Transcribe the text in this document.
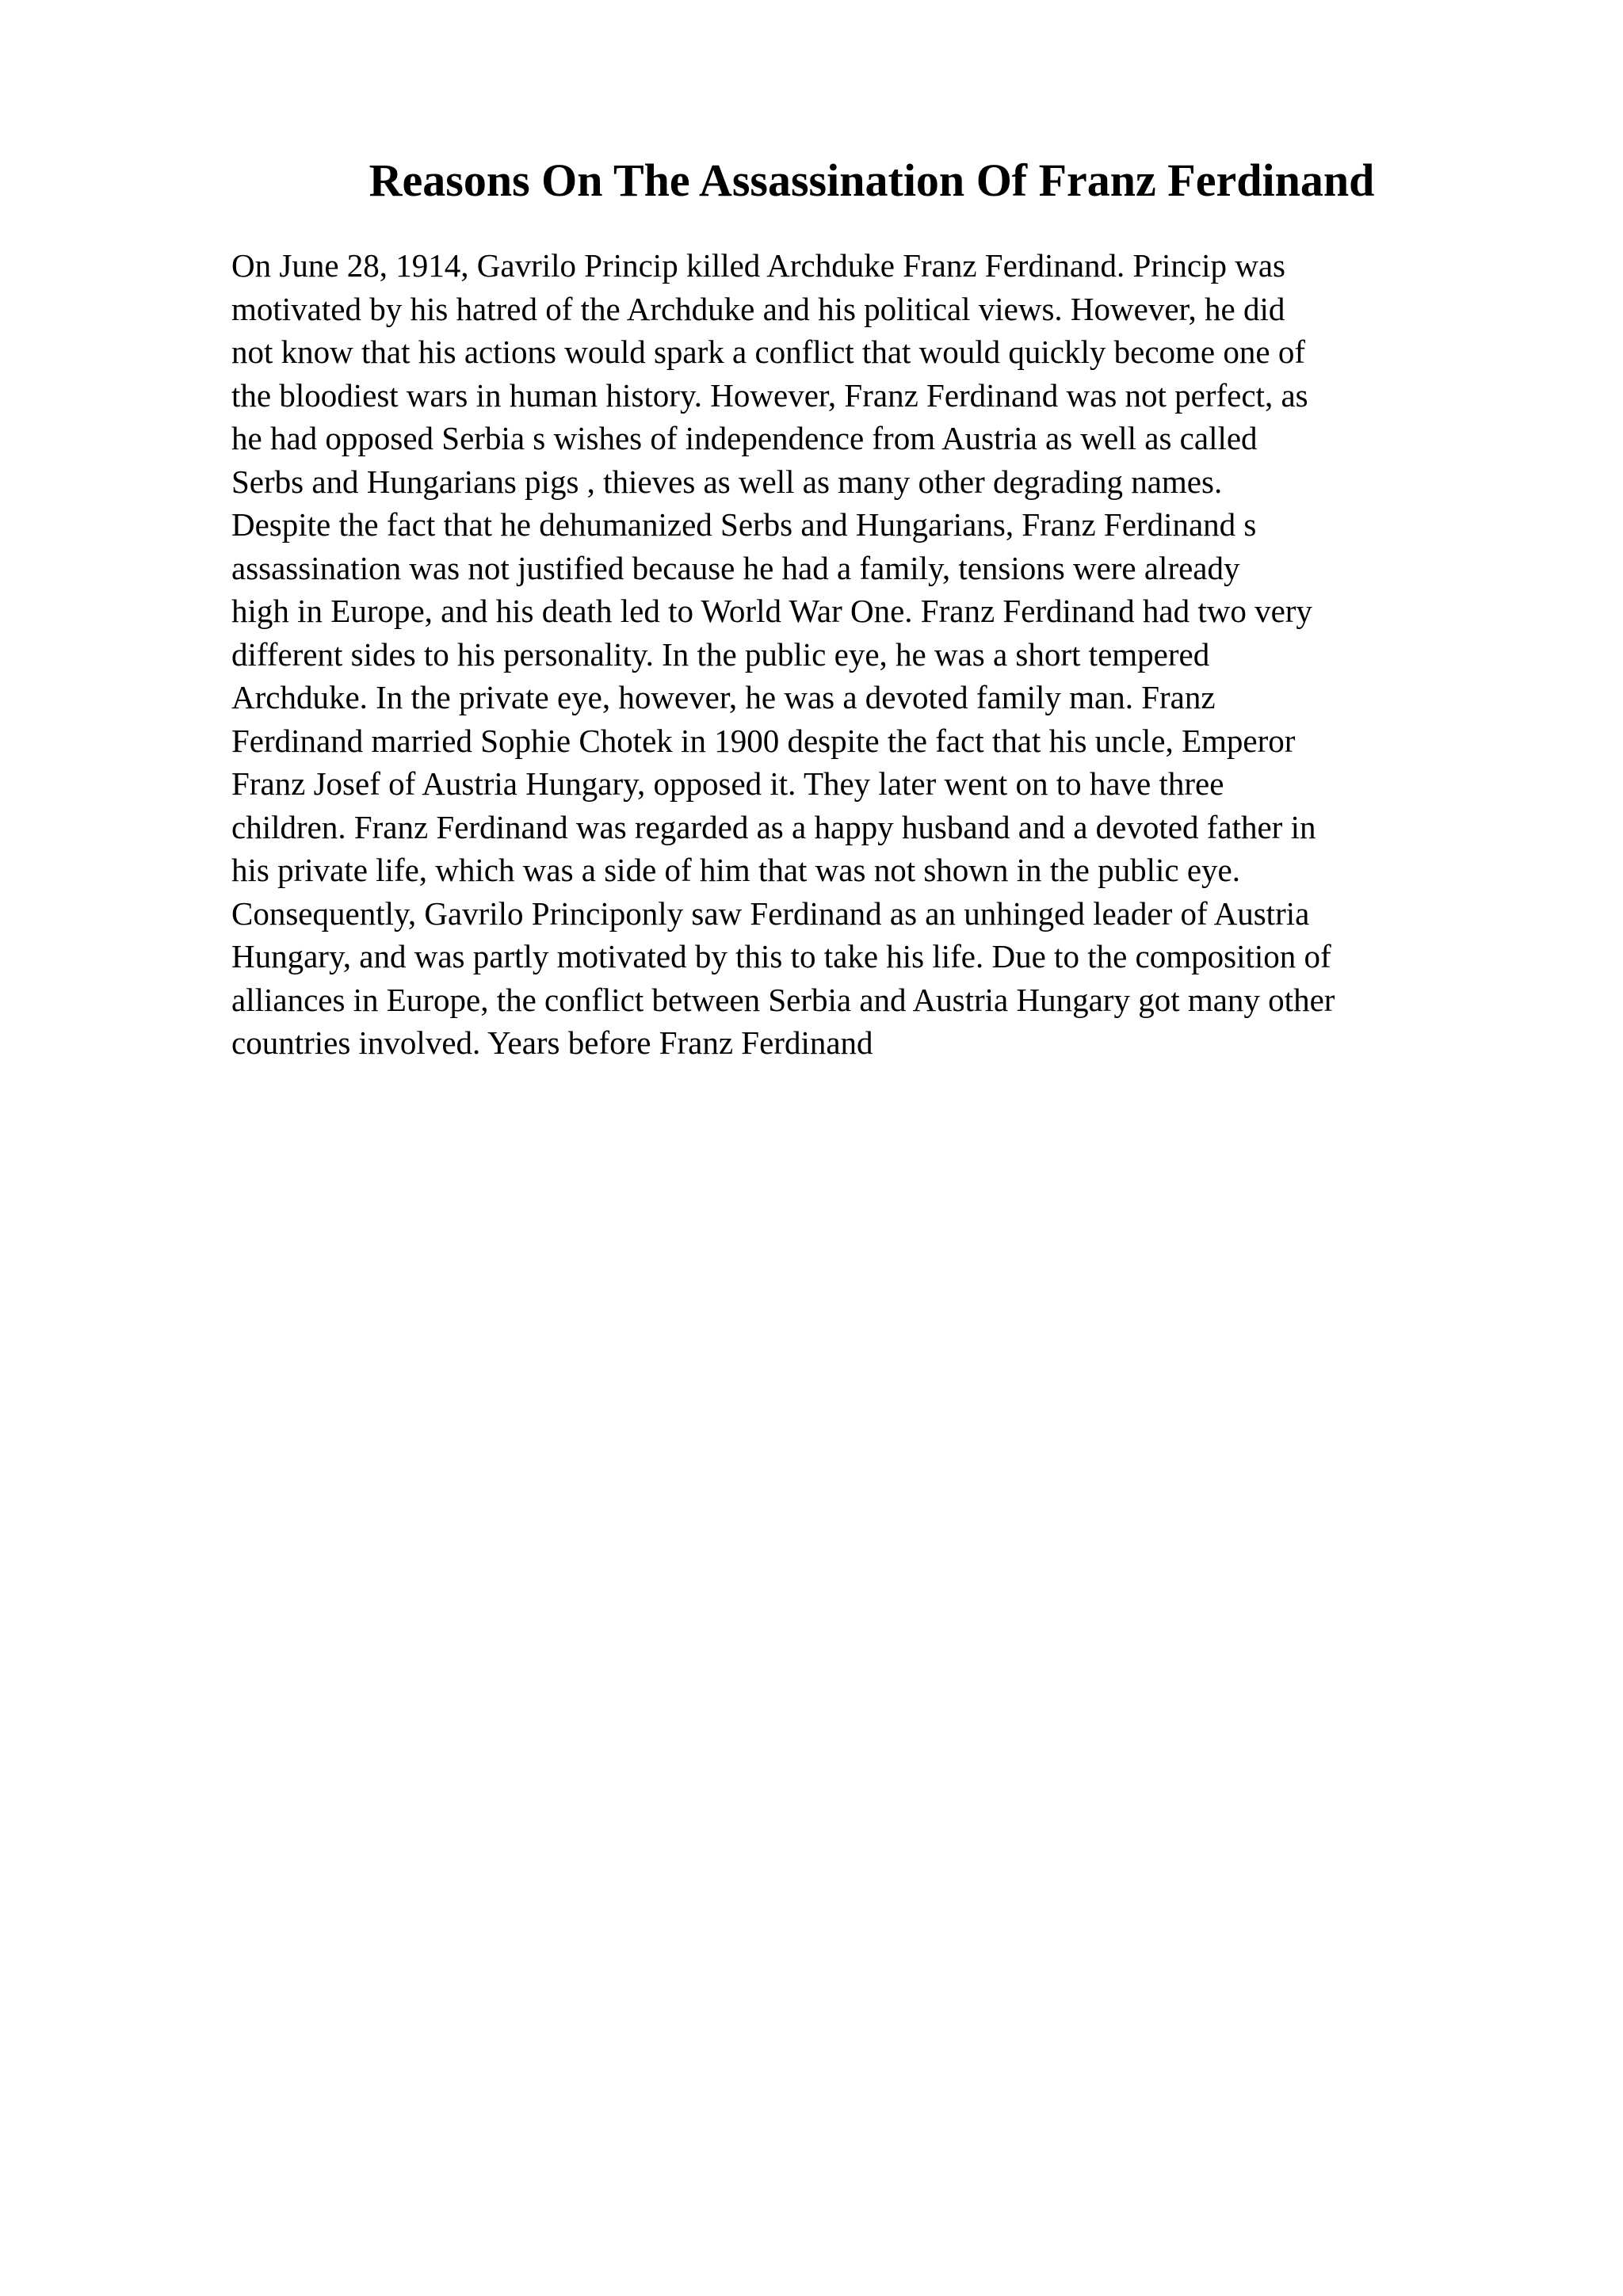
Reasons On The Assassination Of Franz Ferdinand
On June 28, 1914, Gavrilo Princip killed Archduke Franz Ferdinand. Princip was
motivated by his hatred of the Archduke and his political views. However, he did
not know that his actions would spark a conflict that would quickly become one of
the bloodiest wars in human history. However, Franz Ferdinand was not perfect, as
he had opposed Serbia s wishes of independence from Austria as well as called
Serbs and Hungarians pigs , thieves as well as many other degrading names.
Despite the fact that he dehumanized Serbs and Hungarians, Franz Ferdinand s
assassination was not justified because he had a family, tensions were already
high in Europe, and his death led to World War One. Franz Ferdinand had two very
different sides to his personality. In the public eye, he was a short tempered
Archduke. In the private eye, however, he was a devoted family man. Franz
Ferdinand married Sophie Chotek in 1900 despite the fact that his uncle, Emperor
Franz Josef of Austria Hungary, opposed it. They later went on to have three
children. Franz Ferdinand was regarded as a happy husband and a devoted father in
his private life, which was a side of him that was not shown in the public eye.
Consequently, Gavrilo Principonly saw Ferdinand as an unhinged leader of Austria
Hungary, and was partly motivated by this to take his life. Due to the composition of
alliances in Europe, the conflict between Serbia and Austria Hungary got many other
countries involved. Years before Franz Ferdinand
